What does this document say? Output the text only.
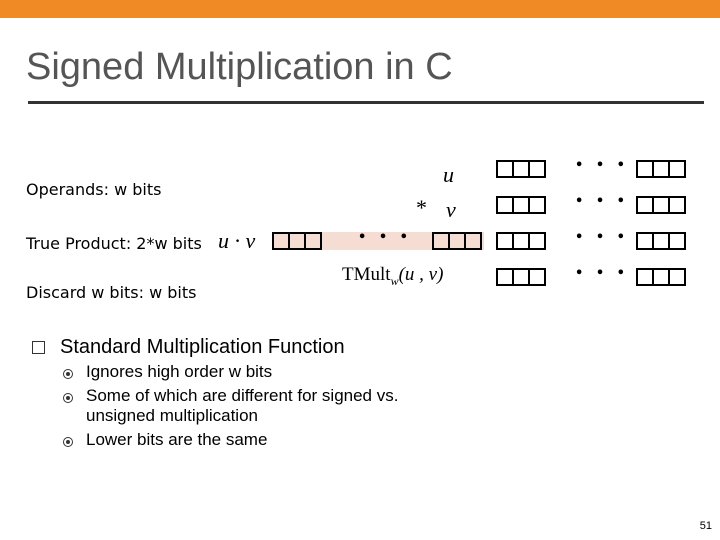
Signed Multiplication in C
Operands: w bits
True Product: 2*w bits
Discard w bits: w bits
u
* v
u · v
TMult$_w$(u , v)
Standard Multiplication Function
Ignores high order w bits
Some of which are different for signed vs. unsigned multiplication
Lower bits are the same
51
• • •
• • •
• • •	• • •
• • •
